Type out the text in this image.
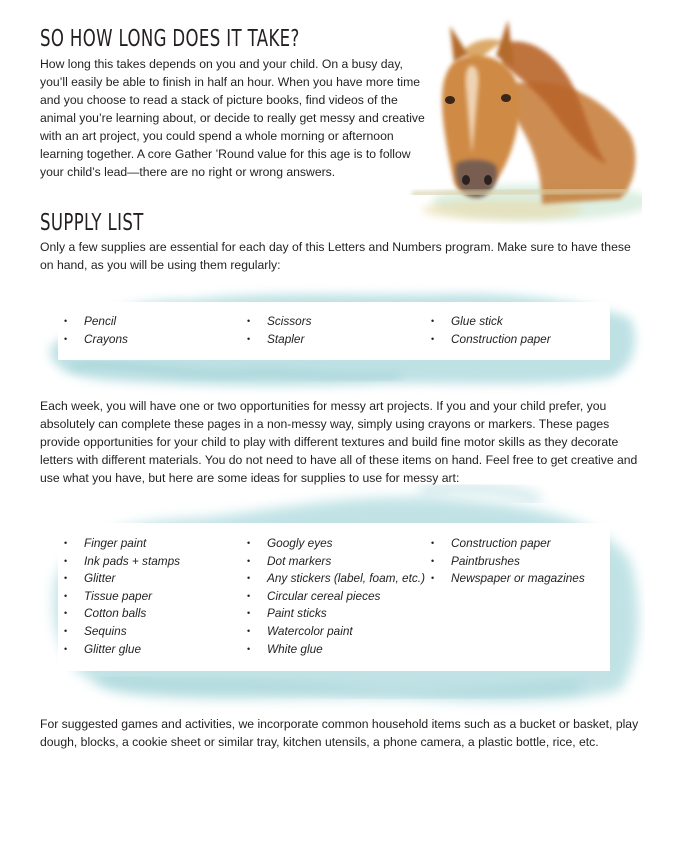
SO HOW LONG DOES IT TAKE?

How long this takes depends on you and your child. On a busy day, you’ll easily be able to finish in half an hour. When you have more time and you choose to read a stack of picture books, find videos of the animal you’re learning about, or decide to really get messy and creative with an art project, you could spend a whole morning or afternoon learning together. A core Gather ’Round value for this age is to follow your child’s lead—there are no right or wrong answers.

SUPPLY LIST

Only a few supplies are essential for each day of this Letters and Numbers program. Make sure to have these on hand, as you will be using them regularly:

• Pencil
• Crayons
• Scissors
• Stapler
• Glue stick
• Construction paper

Each week, you will have one or two opportunities for messy art projects. If you and your child prefer, you absolutely can complete these pages in a non-messy way, simply using crayons or markers. These pages provide opportunities for your child to play with different textures and build fine motor skills as they decorate letters with different materials. You do not need to have all of these items on hand. Feel free to get creative and use what you have, but here are some ideas for supplies to use for messy art:

• Finger paint
• Ink pads + stamps
• Glitter
• Tissue paper
• Cotton balls
• Sequins
• Glitter glue
• Googly eyes
• Dot markers
• Any stickers (label, foam, etc.)
• Circular cereal pieces
• Paint sticks
• Watercolor paint
• White glue
• Construction paper
• Paintbrushes
• Newspaper or magazines

For suggested games and activities, we incorporate common household items such as a bucket or basket, play dough, blocks, a cookie sheet or similar tray, kitchen utensils, a phone camera, a plastic bottle, rice, etc.
